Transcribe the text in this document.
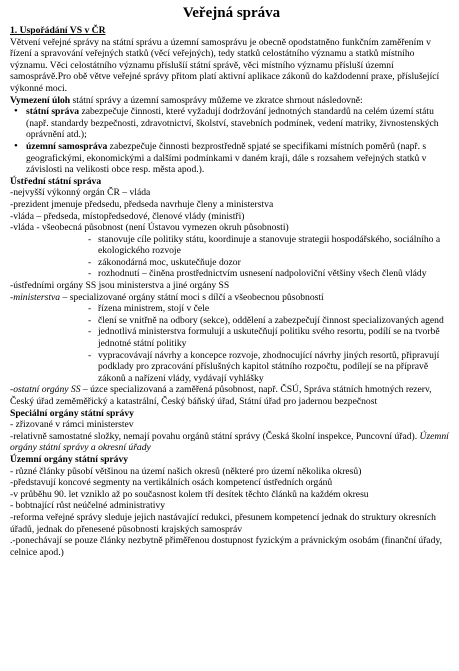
Veřejná správa

1. Uspořádání VS v ČR

Větvení veřejné správy na státní správu a územní samosprávu je obecně opodstatněno funkčním zaměřením v řízení a spravování veřejných statků (věcí veřejných), tedy statků celostátního významu a statků místního významu. Věci celostátního významu příslušíí státní správě, věci místního významu přísluší územní samosprávě.Pro obě větve veřejné správy přitom platí aktivní aplikace zákonů do každodenní praxe, příslušející výkonné moci.

Vymezení úloh státní správy a územní samosprávy můžeme ve zkratce shrnout následovně:

• státní správa zabezpečuje činnosti, které vyžadují dodržování jednotných standardů na celém území státu (např. standardy bezpečnosti, zdravotnictví, školství, stavebních podmínek, vedení matriky, živnostenských oprávnění atd.);
• územní samospráva zabezpečuje činnosti bezprostředně spjaté se specifikami místních poměrů (např. s geografickými, ekonomickými a dalšími podmínkami v daném kraji, dále s rozsahem veřejných statků v závislosti na velikosti obce resp. města apod.).

Ústřední státní správa

-nejvyšší výkonný orgán ČR – vláda

-prezident jmenuje předsedu, předseda navrhuje členy a ministerstva

-vláda – předseda, místopředsedové, členové vlády (ministři)

-vláda - všeobecná působnost (není Ústavou vymezen okruh působnosti)

- stanovuje cíle politiky státu, koordinuje a stanovuje strategii hospodářského, sociálního a ekologického rozvoje
- zákonodárná moc, uskutečňuje dozor
- rozhodnutí – činěna prostřednictvím usnesení nadpoloviční většiny všech členů vlády

-ústředními orgány SS jsou ministerstva a jiné orgány SS

-ministerstva – specializované orgány státní moci s dílčí a všeobecnou působností

- řízena ministrem, stojí v čele
- člení se vnitřně na odbory (sekce), oddělení a zabezpečují činnost specializovaných agend
- jednotlivá ministerstva formulují a uskutečňují politiku svého resortu, podílí se na tvorbě jednotné státní politiky
- vypracovávají návrhy a koncepce rozvoje, zhodnocující návrhy jiných resortů, připravují podklady pro zpracování příslušných kapitol státního rozpočtu, podílejí se na přípravě zákonů a nařízení vlády, vydávají vyhlášky

-ostatní orgány SS – úzce specializovaná a zaměřená působnost, např. ČSÚ, Správa státních hmotných rezerv, Český úřad zeměměřický a katastrální, Český báňský úřad, Státní úřad pro jadernou bezpečnost

Speciální orgány státní správy

- zřizované v rámci ministerstev

-relativně samostatné složky, nemají povahu orgánů státní správy (Česká školní inspekce, Puncovní úřad). Územní orgány státní správy a okresní úřady

Územní orgány státní správy

- různé články působí většinou na území našich okresů (některé pro území několika okresů)

-představují koncové segmenty na vertikálních osách kompetencí ústředních orgánů

-v průběhu 90. let vzniklo až po současnost kolem tří desítek těchto článků na každém okresu

- bobtnající růst neúčelné administrativy

-reforma veřejné správy sleduje jejich nastávající redukci, přesunem kompetencí jednak do struktury okresních úřadů, jednak do přenesené působnosti krajských samospráv

.-ponechávají se pouze články nezbytně přiměřenou dostupnost fyzickým a právnickým osobám (finanční úřady, celnice apod.)
